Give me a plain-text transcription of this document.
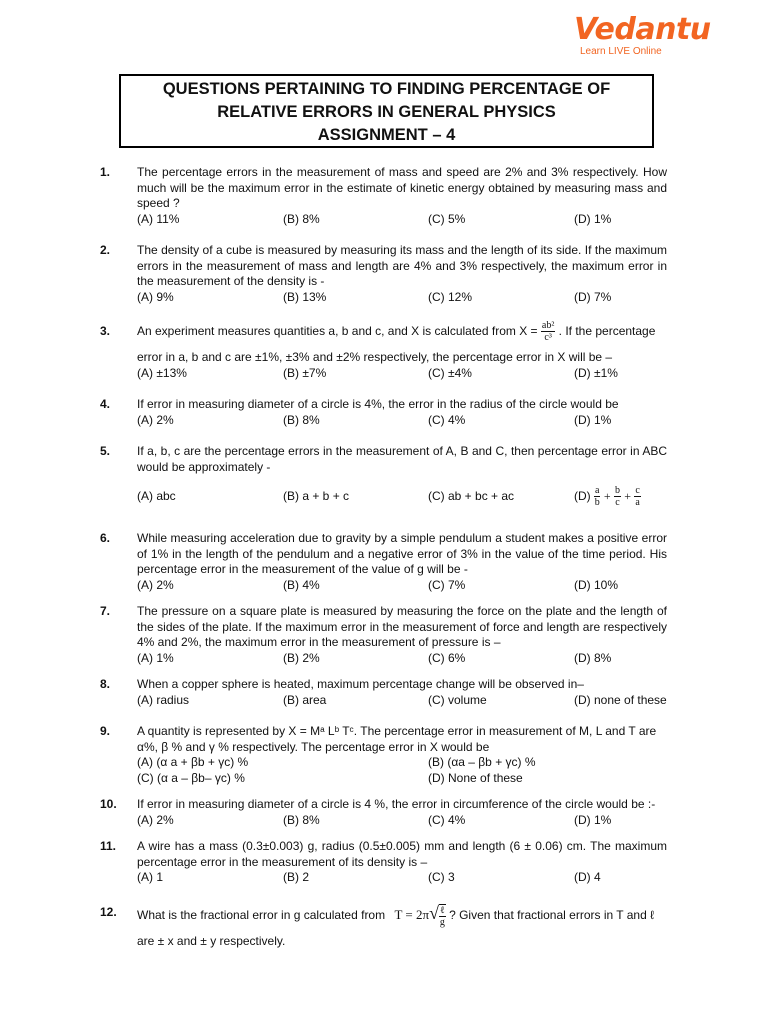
Vedantu
Learn LIVE Online
QUESTIONS PERTAINING TO FINDING PERCENTAGE OF
RELATIVE ERRORS IN GENERAL PHYSICS
ASSIGNMENT – 4
1. The percentage errors in the measurement of mass and speed are 2% and 3% respectively. How much will be the maximum error in the estimate of kinetic energy obtained by measuring mass and speed ?
(A) 11%	(B) 8%	(C) 5%	(D) 1%
2. The density of a cube is measured by measuring its mass and the length of its side. If the maximum errors in the measurement of mass and length are 4% and 3% respectively, the maximum error in the measurement of the density is -
(A) 9%	(B) 13%	(C) 12%	(D) 7%
3. An experiment measures quantities a, b and c, and X is calculated from $X = \frac{\text{ab²}}{\text{c³}}$ . If the percentage
error in a, b and c are ±1%, ±3% and ±2% respectively, the percentage error in X will be –
(A) ±13%	(B) ±7%	(C) ±4%	(D) ±1%
4. If error in measuring diameter of a circle is 4%, the error in the radius of the circle would be
(A) 2%	(B) 8%	(C) 4%	(D) 1%
5. If a, b, c are the percentage errors in the measurement of A, B and C, then percentage error in ABC would be approximately -
(A) abc	(B) a + b + c	(C) ab + bc + ac	$(D) \frac{a}{b} + \frac{b}{c} + \frac{c}{a}$
6. While measuring acceleration due to gravity by a simple pendulum a student makes a positive error of 1% in the length of the pendulum and a negative error of 3% in the value of the time period. His percentage error in the measurement of the value of g will be -
(A) 2%	(B) 4%	(C) 7%	(D) 10%
7. The pressure on a square plate is measured by measuring the force on the plate and the length of the sides of the plate. If the maximum error in the measurement of force and length are respectively 4% and 2%, the maximum error in the measurement of pressure is –
(A) 1%	(B) 2%	(C) 6%	(D) 8%
8. When a copper sphere is heated, maximum percentage change will be observed in–
(A) radius	(B) area	(C) volume	(D) none of these
9. A quantity is represented by X = Mᵃ Lᵇ Tᶜ. The percentage error in measurement of M, L and T are
α%, β % and γ % respectively. The percentage error in X would be
(A) (α a + βb + γc) %	(B) (αa – βb + γc) %
(C) (α a – βb– γc) %	(D) None of these
10. If error in measuring diameter of a circle is 4 %, the error in circumference of the circle would be :-
(A) 2%	(B) 8%	(C) 4%	(D) 1%
11. A wire has a mass (0.3±0.003) g, radius (0.5±0.005) mm and length (6 ± 0.06) cm. The maximum percentage error in the measurement of its density is –
(A) 1	(B) 2	(C) 3	(D) 4
12. What is the fractional error in g calculated from $T = 2\pi√ \frac{\text{ℓ}}{g}$ ? Given that fractional errors in T and ℓ
are ± x and ± y respectively.
